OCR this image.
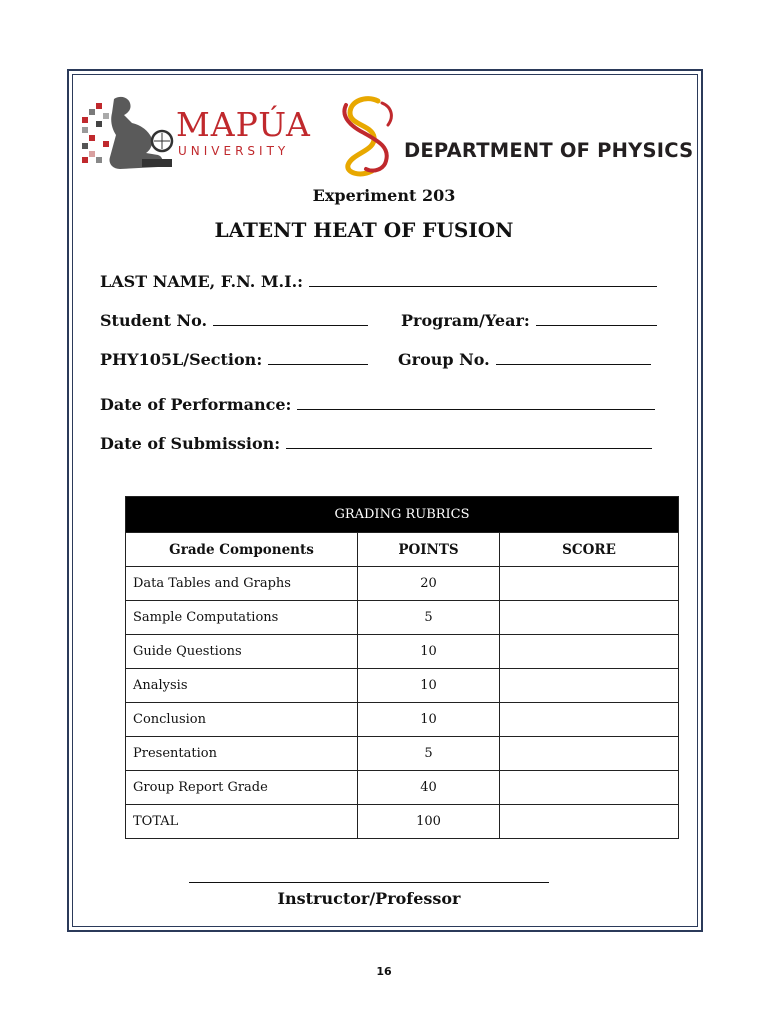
MAPÚA
UNIVERSITY	DEPARTMENT OF PHYSICS
Experiment 203
LATENT HEAT OF FUSION
LAST NAME, F.N. M.I.:
Student No.	Program/Year:
PHY105L/Section:	Group No.
Date of Performance:
Date of Submission:
GRADING RUBRICS		
Grade Components	POINTS	SCORE
Data Tables and Graphs	20	
Sample Computations	5	
Guide Questions	10	
Analysis	10	
Conclusion	10	
Presentation	5	
Group Report Grade	40	
TOTAL	100	
Instructor/Professor
16
